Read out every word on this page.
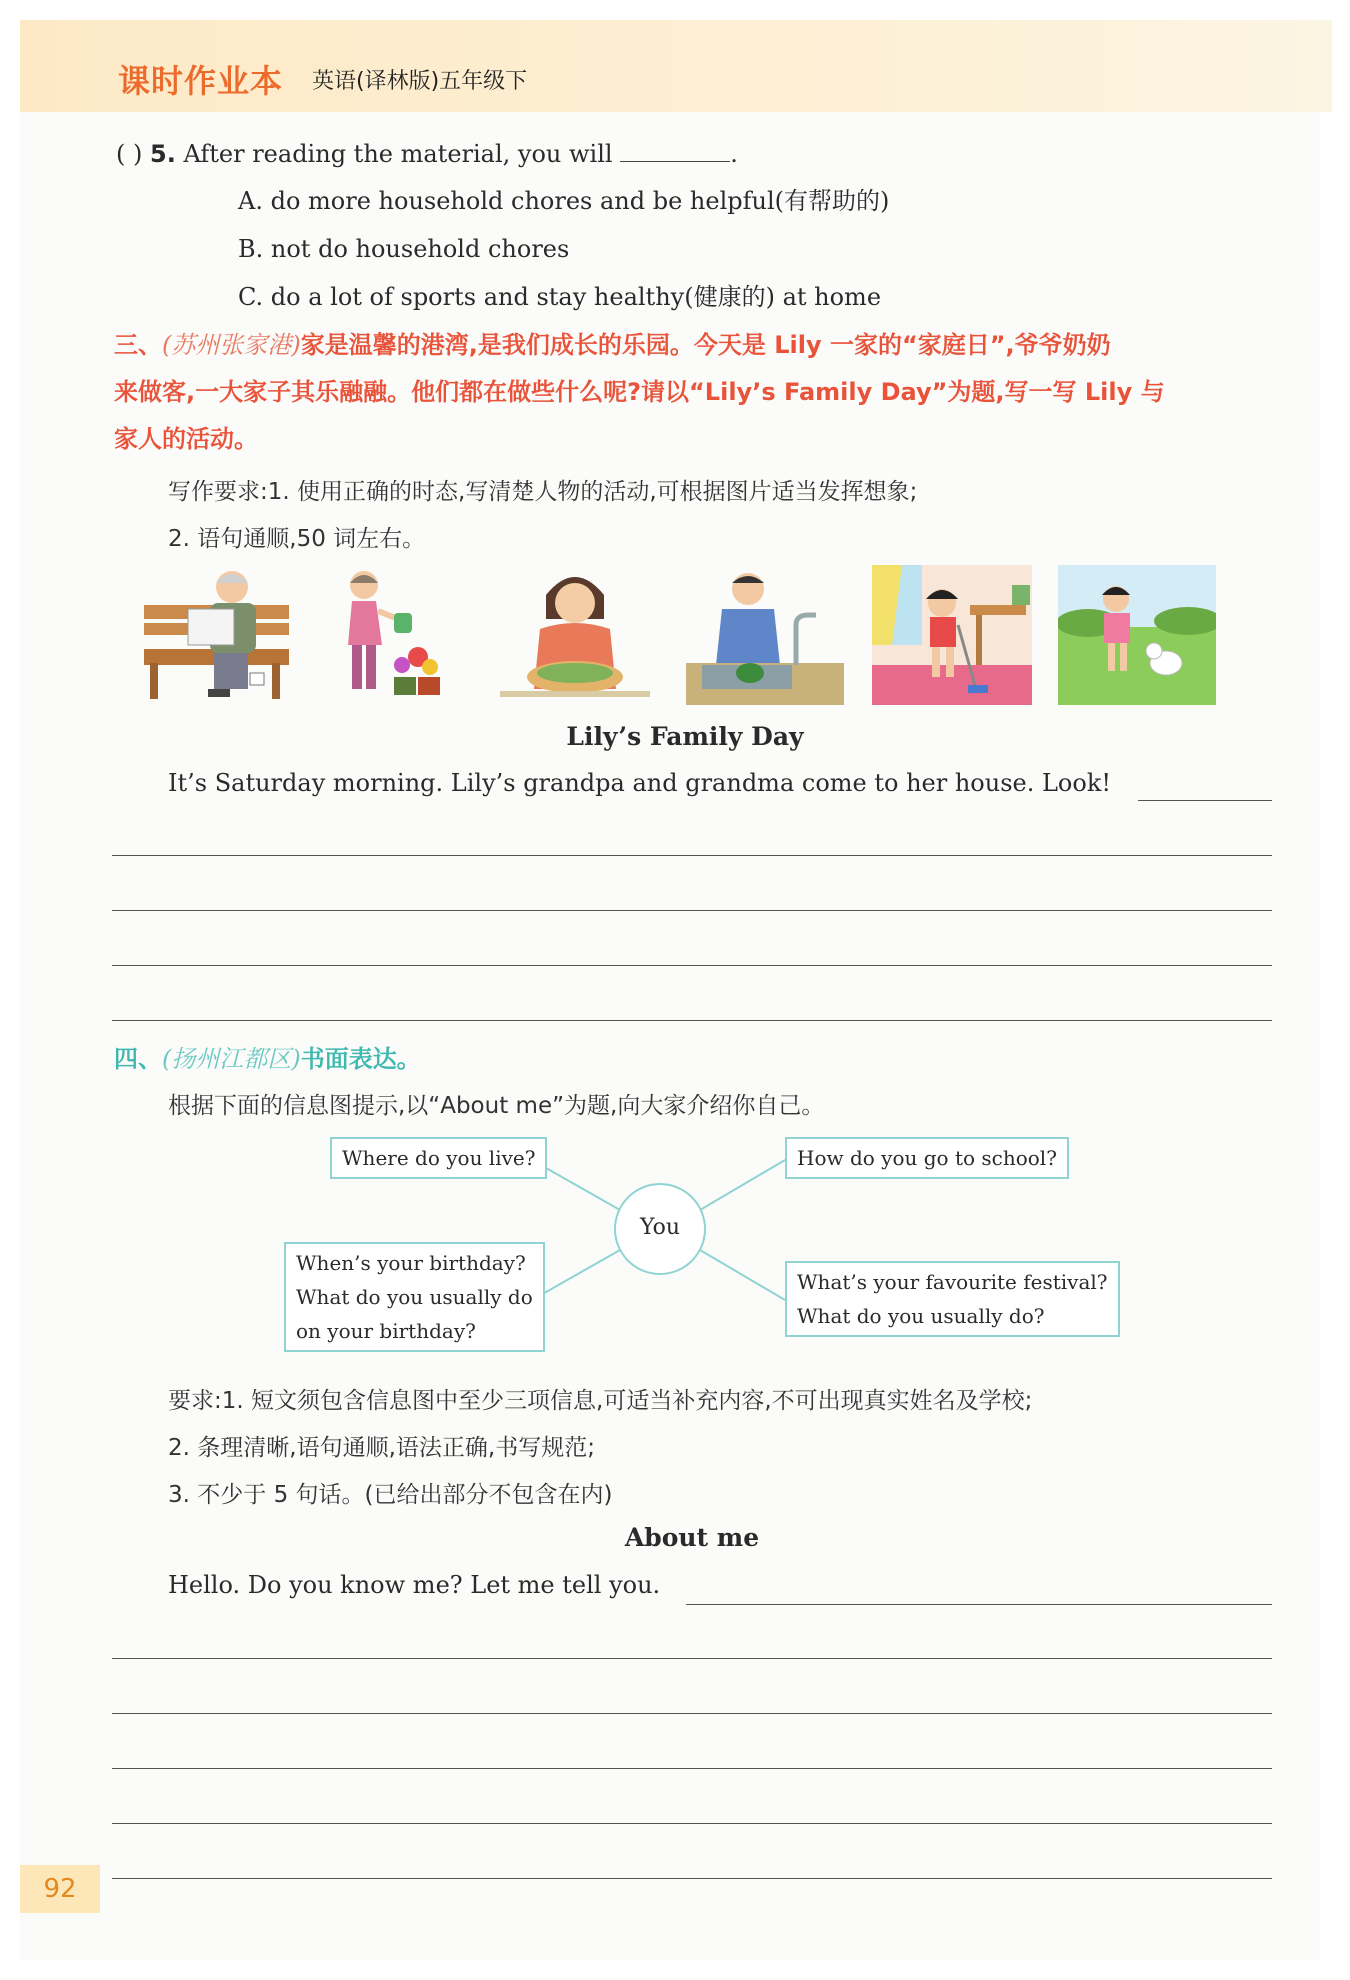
课时作业本 英语(译林版)五年级下
( ) 5. After reading the material, you will	.
A. do more household chores and be helpful(有帮助的)
B. not do household chores
C. do a lot of sports and stay healthy(健康的) at home
三、(苏州张家港)家是温馨的港湾,是我们成长的乐园。今天是 Lily 一家的“家庭日”,爷爷奶奶
来做客,一大家子其乐融融。他们都在做些什么呢?请以“Lily’s Family Day”为题,写一写 Lily 与
家人的活动。
写作要求:1. 使用正确的时态,写清楚人物的活动,可根据图片适当发挥想象;
2. 语句通顺,50 词左右。
Lily’s Family Day
It’s Saturday morning. Lily’s grandpa and grandma come to her house. Look!
四、(扬州江都区)书面表达。
根据下面的信息图提示,以“About me”为题,向大家介绍你自己。
Where do you live?	How do you go to school?
You
When’s your birthday?
What do you usually do
on your birthday?
What’s your favourite festival?
What do you usually do?
要求:1. 短文须包含信息图中至少三项信息,可适当补充内容,不可出现真实姓名及学校;
2. 条理清晰,语句通顺,语法正确,书写规范;
3. 不少于 5 句话。(已给出部分不包含在内)
About me
Hello. Do you know me? Let me tell you.
92
